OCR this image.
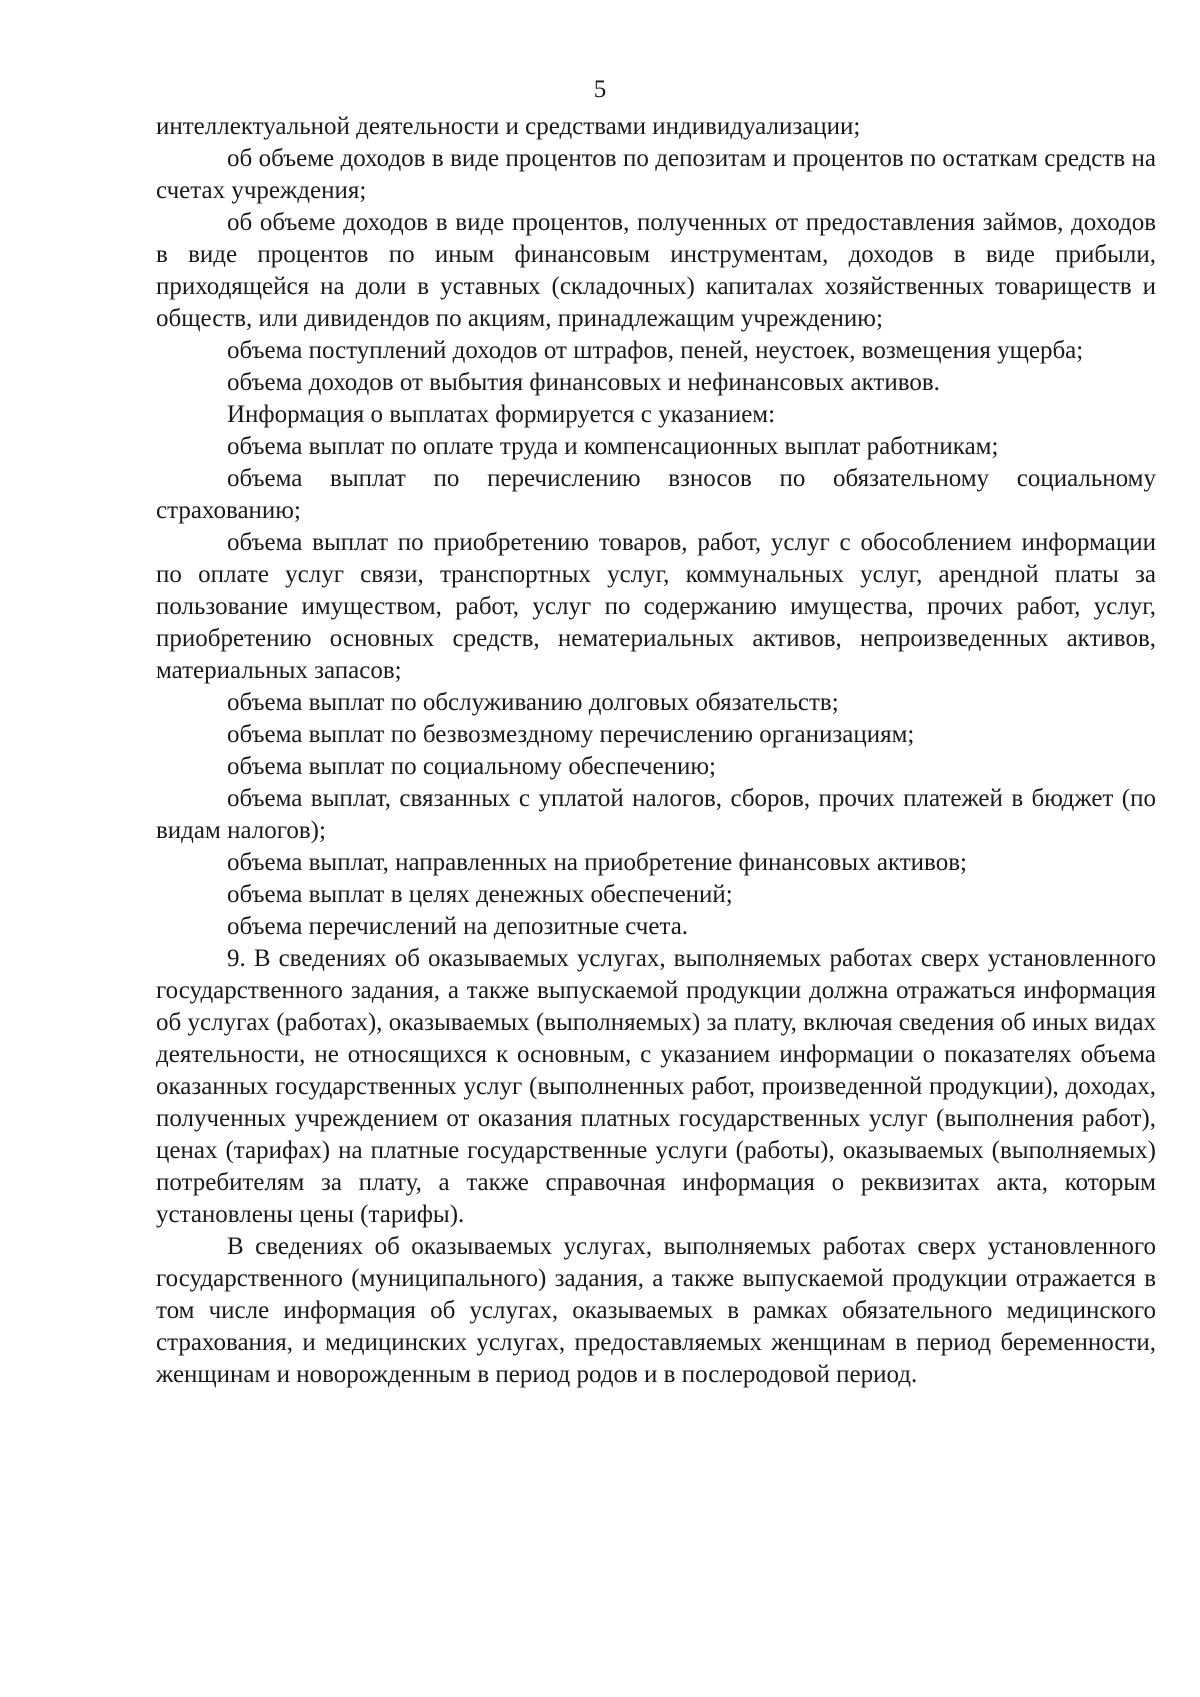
5

интеллектуальной деятельности и средствами индивидуализации;

об объеме доходов в виде процентов по депозитам и процентов по остаткам средств на счетах учреждения;

об объеме доходов в виде процентов, полученных от предоставления займов, доходов в виде процентов по иным финансовым инструментам, доходов в виде прибыли, приходящейся на доли в уставных (складочных) капиталах хозяйственных товариществ и обществ, или дивидендов по акциям, принадлежащим учреждению;

объема поступлений доходов от штрафов, пеней, неустоек, возмещения ущерба;

объема доходов от выбытия финансовых и нефинансовых активов.

Информация о выплатах формируется с указанием:

объема выплат по оплате труда и компенсационных выплат работникам;

объема выплат по перечислению взносов по обязательному социальному страхованию;

объема выплат по приобретению товаров, работ, услуг с обособлением информации по оплате услуг связи, транспортных услуг, коммунальных услуг, арендной платы за пользование имуществом, работ, услуг по содержанию имущества, прочих работ, услуг, приобретению основных средств, нематериальных активов, непроизведенных активов, материальных запасов;

объема выплат по обслуживанию долговых обязательств;

объема выплат по безвозмездному перечислению организациям;

объема выплат по социальному обеспечению;

объема выплат, связанных с уплатой налогов, сборов, прочих платежей в бюджет (по видам налогов);

объема выплат, направленных на приобретение финансовых активов;

объема выплат в целях денежных обеспечений;

объема перечислений на депозитные счета.

9. В сведениях об оказываемых услугах, выполняемых работах сверх установленного государственного задания, а также выпускаемой продукции должна отражаться информация об услугах (работах), оказываемых (выполняемых) за плату, включая сведения об иных видах деятельности, не относящихся к основным, с указанием информации о показателях объема оказанных государственных услуг (выполненных работ, произведенной продукции), доходах, полученных учреждением от оказания платных государственных услуг (выполнения работ), ценах (тарифах) на платные государственные услуги (работы), оказываемых (выполняемых) потребителям за плату, а также справочная информация о реквизитах акта, которым установлены цены (тарифы).

В сведениях об оказываемых услугах, выполняемых работах сверх установленного государственного (муниципального) задания, а также выпускаемой продукции отражается в том числе информация об услугах, оказываемых в рамках обязательного медицинского страхования, и медицинских услугах, предоставляемых женщинам в период беременности, женщинам и новорожденным в период родов и в послеродовой период.
